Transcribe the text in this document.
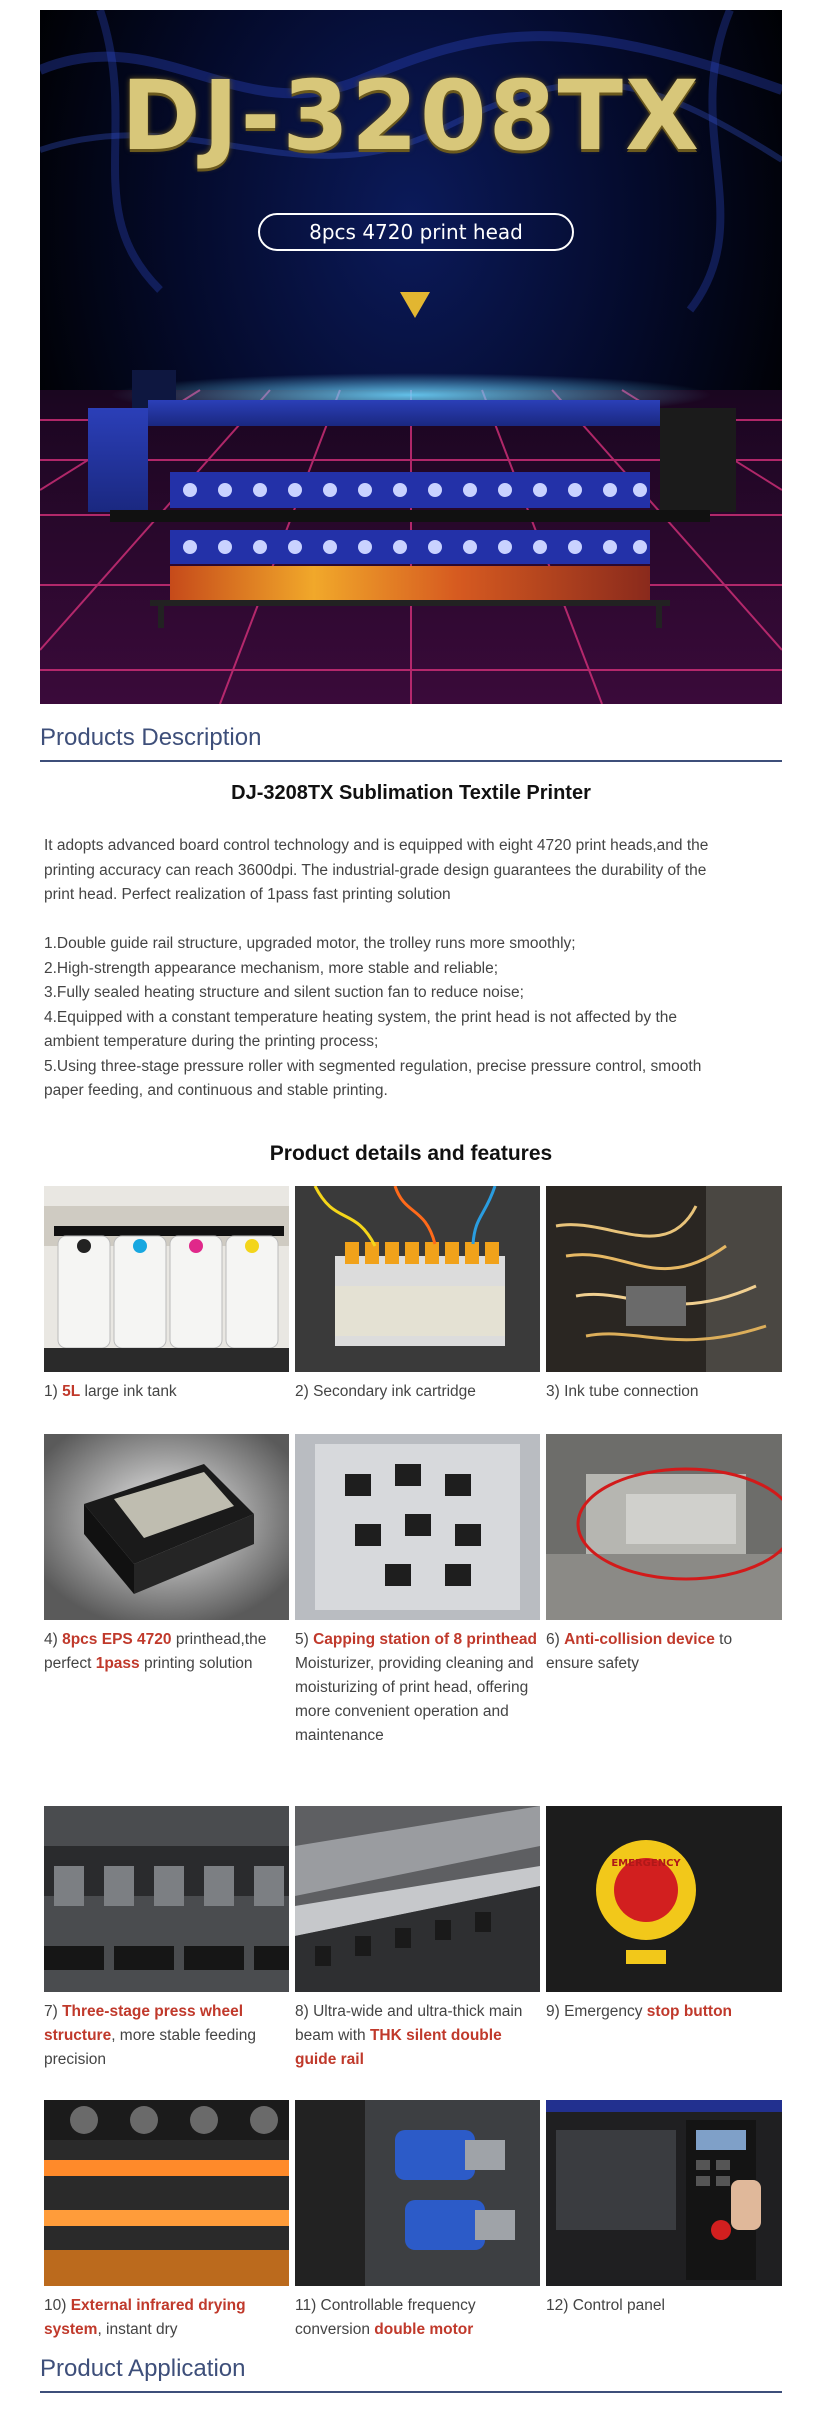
DJ-3208TX
8pcs 4720 print head
Products Description
DJ-3208TX Sublimation Textile Printer

It adopts advanced board control technology and is equipped with eight 4720 print heads,and the

printing accuracy can reach 3600dpi. The industrial-grade design guarantees the durability of the

print head. Perfect realization of 1pass fast printing solution

1.Double guide rail structure, upgraded motor, the trolley runs more smoothly;

2.High-strength appearance mechanism, more stable and reliable;

3.Fully sealed heating structure and silent suction fan to reduce noise;

4.Equipped with a constant temperature heating system, the print head is not affected by the

ambient temperature during the printing process;

5.Using three-stage pressure roller with segmented regulation, precise pressure control, smooth

paper feeding, and continuous and stable printing.

Product details and features
1) 5L large ink tank	2) Secondary ink cartridge	3) Ink tube connection
4) 8pcs EPS 4720 printhead,the perfect 1pass printing solution
5) Capping station of 8 printhead Moisturizer, providing cleaning and moisturizing of print head, offering more convenient operation and maintenance
6) Anti-collision device to ensure safety
7) Three-stage press wheel structure, more stable feeding precision
8) Ultra-wide and ultra-thick main beam with THK silent double guide rail
EMERGENCY
9) Emergency stop button
10) External infrared drying system, instant dry
11) Controllable frequency conversion double motor
12) Control panel
Product Application
